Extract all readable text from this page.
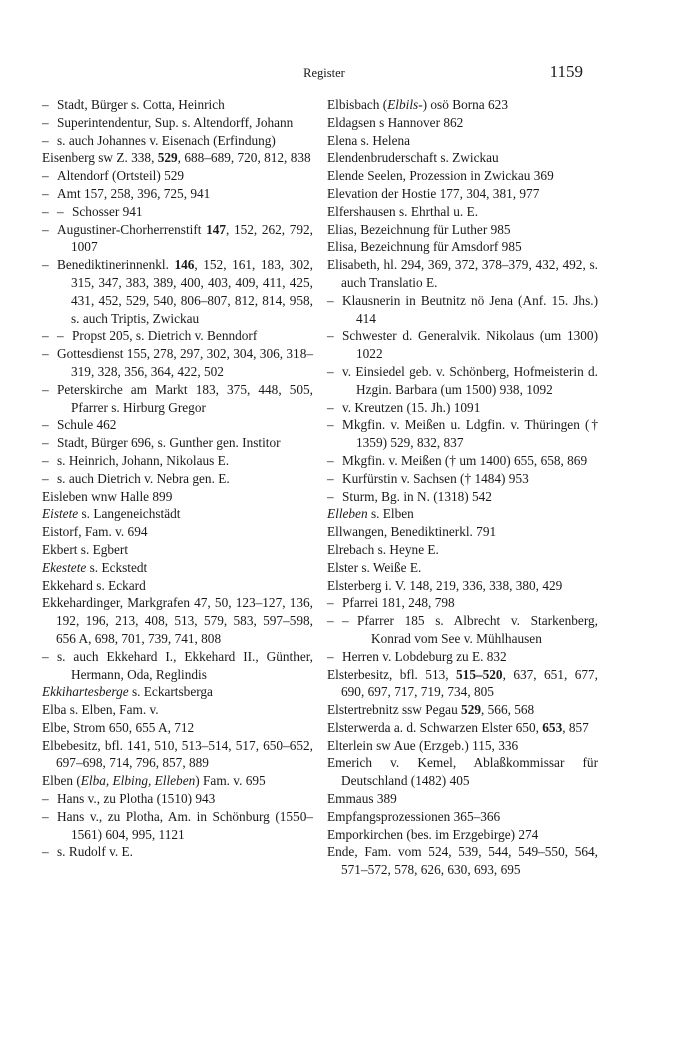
Register	1159
– Stadt, Bürger s. Cotta, Heinrich
– Superintendentur, Sup. s. Altendorff, Johann
– s. auch Johannes v. Eisenach (Erfindung)
Eisenberg sw Z. 338, 529, 688–689, 720, 812, 838
– Altendorf (Ortsteil) 529
– Amt 157, 258, 396, 725, 941
– – Schosser 941
– Augustiner-Chorherrenstift 147, 152, 262, 792, 1007
– Benediktinerinnenkl. 146, 152, 161, 183, 302, 315, 347, 383, 389, 400, 403, 409, 411, 425, 431, 452, 529, 540, 806–807, 812, 814, 958, s. auch Triptis, Zwickau
– – Propst 205, s. Dietrich v. Benndorf
– Gottesdienst 155, 278, 297, 302, 304, 306, 318–319, 328, 356, 364, 422, 502
– Peterskirche am Markt 183, 375, 448, 505, Pfarrer s. Hirburg Gregor
– Schule 462
– Stadt, Bürger 696, s. Gunther gen. Institor
– s. Heinrich, Johann, Nikolaus E.
– s. auch Dietrich v. Nebra gen. E.
Eisleben wnw Halle 899
Eistete s. Langeneichstädt
Eistorf, Fam. v. 694
Ekbert s. Egbert
Ekestete s. Eckstedt
Ekkehard s. Eckard
Ekkehardinger, Markgrafen 47, 50, 123–127, 136, 192, 196, 213, 408, 513, 579, 583, 597–598, 656 A, 698, 701, 739, 741, 808
– s. auch Ekkehard I., Ekkehard II., Günther, Hermann, Oda, Reglindis
Ekkihartesberge s. Eckartsberga
Elba s. Elben, Fam. v.
Elbe, Strom 650, 655 A, 712
Elbebesitz, bfl. 141, 510, 513–514, 517, 650–652, 697–698, 714, 796, 857, 889
Elben (Elba, Elbing, Elleben) Fam. v. 695
– Hans v., zu Plotha (1510) 943
– Hans v., zu Plotha, Am. in Schönburg (1550–1561) 604, 995, 1121
– s. Rudolf v. E.
Elbisbach (Elbils-) osö Borna 623
Eldagsen s Hannover 862
Elena s. Helena
Elendenbruderschaft s. Zwickau
Elende Seelen, Prozession in Zwickau 369
Elevation der Hostie 177, 304, 381, 977
Elfershausen s. Ehrthal u. E.
Elias, Bezeichnung für Luther 985
Elisa, Bezeichnung für Amsdorf 985
Elisabeth, hl. 294, 369, 372, 378–379, 432, 492, s. auch Translatio E.
– Klausnerin in Beutnitz nö Jena (Anf. 15. Jhs.) 414
– Schwester d. Generalvik. Nikolaus (um 1300) 1022
– v. Einsiedel geb. v. Schönberg, Hofmeisterin d. Hzgin. Barbara (um 1500) 938, 1092
– v. Kreutzen (15. Jh.) 1091
– Mkgfin. v. Meißen u. Ldgfin. v. Thüringen († 1359) 529, 832, 837
– Mkgfin. v. Meißen († um 1400) 655, 658, 869
– Kurfürstin v. Sachsen († 1484) 953
– Sturm, Bg. in N. (1318) 542
Elleben s. Elben
Ellwangen, Benediktinerkl. 791
Elrebach s. Heyne E.
Elster s. Weiße E.
Elsterberg i. V. 148, 219, 336, 338, 380, 429
– Pfarrei 181, 248, 798
– – Pfarrer 185 s. Albrecht v. Starkenberg, Konrad vom See v. Mühlhausen
– Herren v. Lobdeburg zu E. 832
Elsterbesitz, bfl. 513, 515–520, 637, 651, 677, 690, 697, 717, 719, 734, 805
Elstertrebnitz ssw Pegau 529, 566, 568
Elsterwerda a. d. Schwarzen Elster 650, 653, 857
Elterlein sw Aue (Erzgeb.) 115, 336
Emerich v. Kemel, Ablaßkommissar für Deutschland (1482) 405
Emmaus 389
Empfangsprozessionen 365–366
Emporkirchen (bes. im Erzgebirge) 274
Ende, Fam. vom 524, 539, 544, 549–550, 564, 571–572, 578, 626, 630, 693, 695
